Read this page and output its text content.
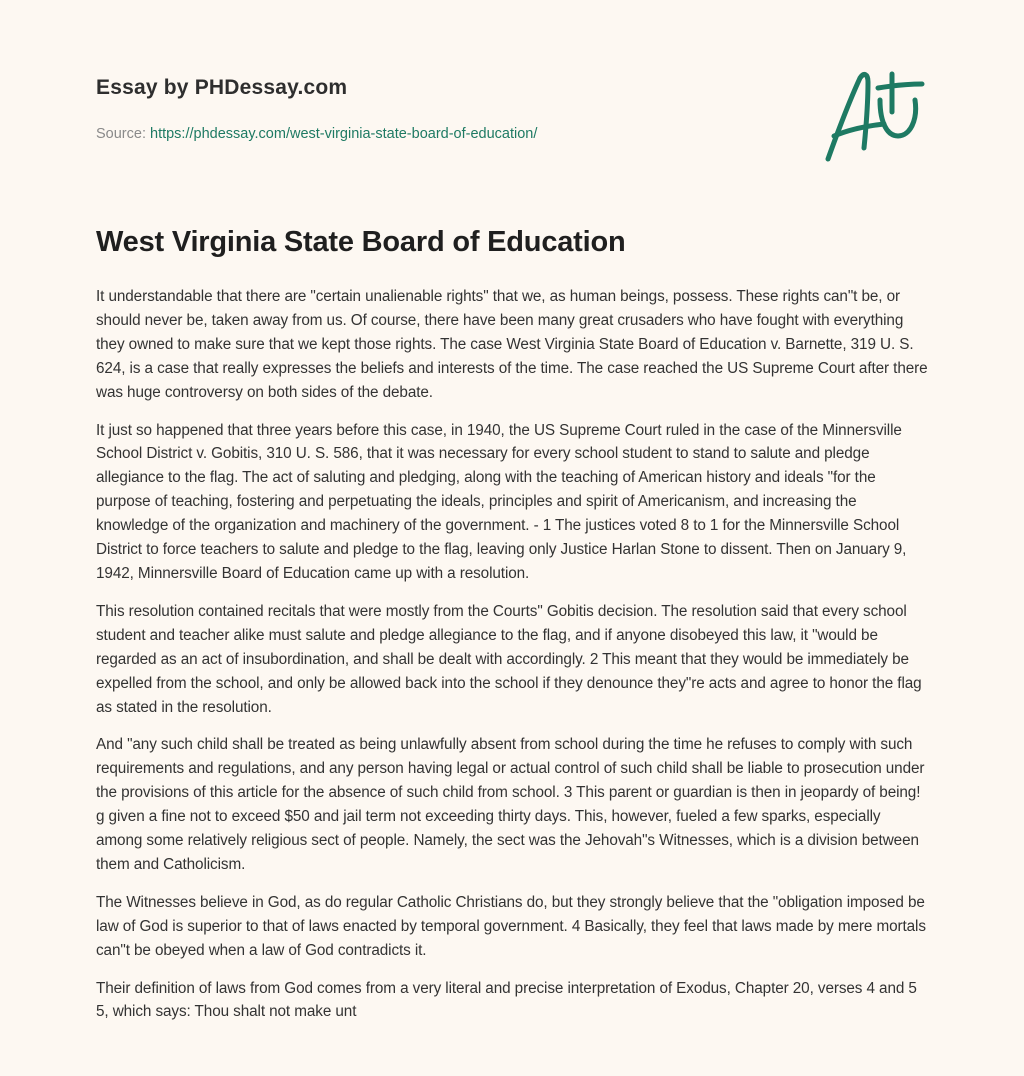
Essay by PHDessay.com
Source: https://phdessay.com/west-virginia-state-board-of-education/
West Virginia State Board of Education

It understandable that there are "certain unalienable rights" that we, as human beings, possess. These rights can"t be, or should never be, taken away from us. Of course, there have been many great crusaders who have fought with everything they owned to make sure that we kept those rights. The case West Virginia State Board of Education v. Barnette, 319 U. S. 624, is a case that really expresses the beliefs and interests of the time. The case reached the US Supreme Court after there was huge controversy on both sides of the debate.

It just so happened that three years before this case, in 1940, the US Supreme Court ruled in the case of the Minnersville School District v. Gobitis, 310 U. S. 586, that it was necessary for every school student to stand to salute and pledge allegiance to the flag. The act of saluting and pledging, along with the teaching of American history and ideals "for the purpose of teaching, fostering and perpetuating the ideals, principles and spirit of Americanism, and increasing the knowledge of the organization and machinery of the government. - 1 The justices voted 8 to 1 for the Minnersville School District to force teachers to salute and pledge to the flag, leaving only Justice Harlan Stone to dissent. Then on January 9, 1942, Minnersville Board of Education came up with a resolution.

This resolution contained recitals that were mostly from the Courts" Gobitis decision. The resolution said that every school student and teacher alike must salute and pledge allegiance to the flag, and if anyone disobeyed this law, it "would be regarded as an act of insubordination, and shall be dealt with accordingly. 2 This meant that they would be immediately be expelled from the school, and only be allowed back into the school if they denounce they"re acts and agree to honor the flag as stated in the resolution.

And "any such child shall be treated as being unlawfully absent from school during the time he refuses to comply with such requirements and regulations, and any person having legal or actual control of such child shall be liable to prosecution under the provisions of this article for the absence of such child from school. 3 This parent or guardian is then in jeopardy of being! g given a fine not to exceed $50 and jail term not exceeding thirty days. This, however, fueled a few sparks, especially among some relatively religious sect of people. Namely, the sect was the Jehovah"s Witnesses, which is a division between them and Catholicism.

The Witnesses believe in God, as do regular Catholic Christians do, but they strongly believe that the "obligation imposed be law of God is superior to that of laws enacted by temporal government. 4 Basically, they feel that laws made by mere mortals can"t be obeyed when a law of God contradicts it.

Their definition of laws from God comes from a very literal and precise interpretation of Exodus, Chapter 20, verses 4 and 5 5, which says: Thou shalt not make unt
